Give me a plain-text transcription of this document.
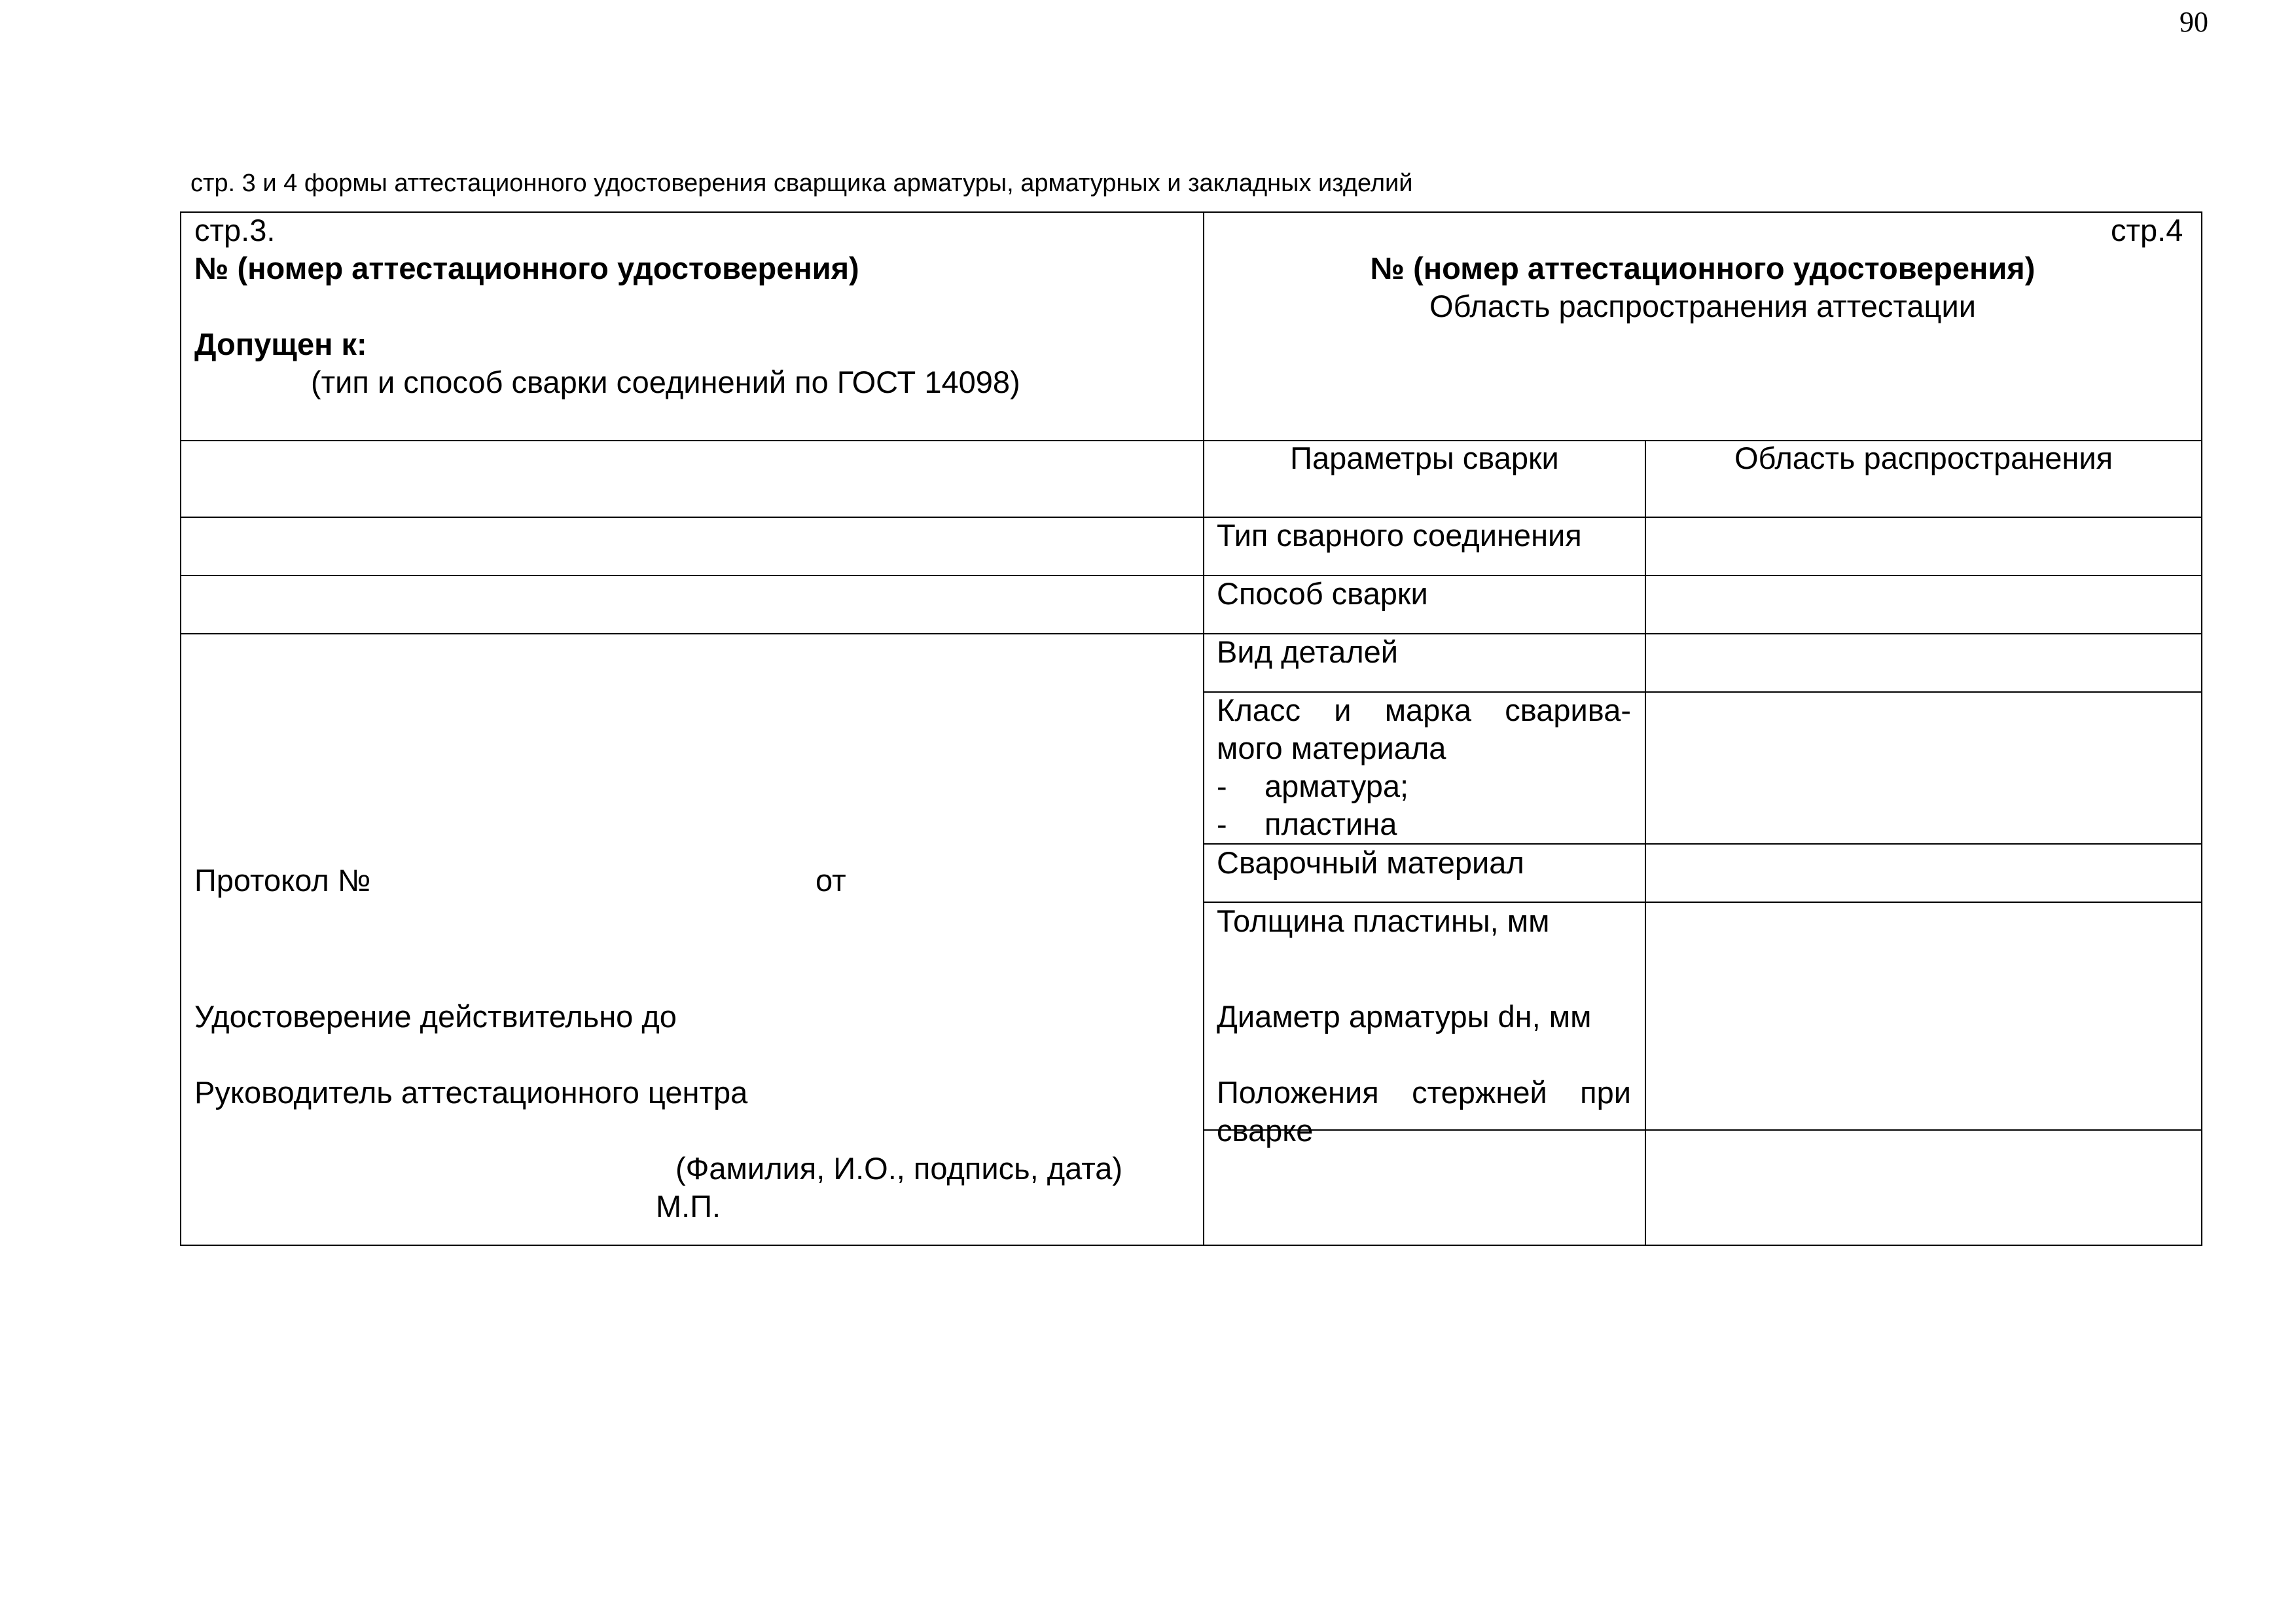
90
стр. 3 и 4 формы аттестационного удостоверения сварщика арматуры, арматурных и закладных изделий
стр.3.
№ (номер аттестационного удостоверения)
Допущен к:
(тип и способ сварки соединений по ГОСТ 14098)
Протокол №	от
Удостоверение действительно до
Руководитель аттестационного центра
(Фамилия, И.О., подпись, дата)
М.П.
стр.4
№ (номер аттестационного удостоверения)
Область распространения аттестации
Параметры сварки	Область распространения
Тип сварного соединения
Способ сварки
Вид деталей
Класс и марка сварива-
мого материала
- арматура;
- пластина
Сварочный материал
Толщина пластины, мм
Диаметр арматуры dн, мм
Положения стержней при
сварке
